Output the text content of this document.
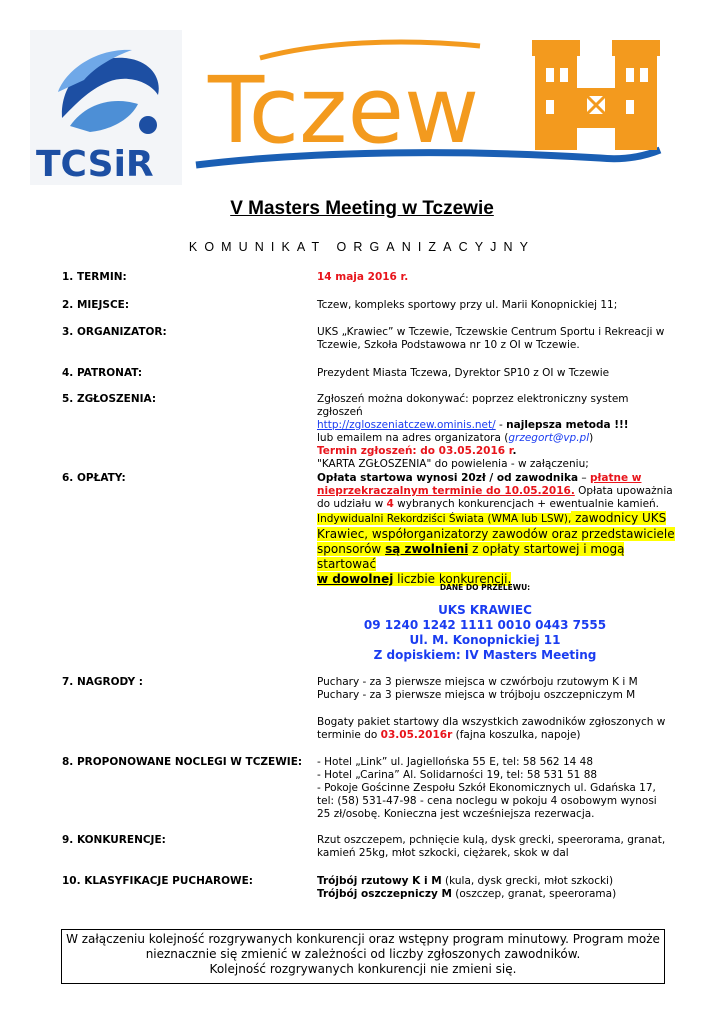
TCSiR
Tczew
V Masters Meeting w Tczewie
KOMUNIKAT ORGANIZACYJNY
1. TERMIN:	14 maja 2016 r.
2. MIEJSCE:	Tczew, kompleks sportowy przy ul. Marii Konopnickiej 11;
3. ORGANIZATOR:	UKS „Krawiec” w Tczewie, Tczewskie Centrum Sportu i Rekreacji w
Tczewie, Szkoła Podstawowa nr 10 z OI w Tczewie.
4. PATRONAT:	Prezydent Miasta Tczewa, Dyrektor SP10 z OI w Tczewie
5. ZGŁOSZENIA:	Zgłoszeń można dokonywać: poprzez elektroniczny system zgłoszeń
http://zgloszeniatczew.ominis.net/ - najlepsza metoda !!!
lub emailem na adres organizatora (grzegort@vp.pl)
Termin zgłoszeń: do 03.05.2016 r.
"KARTA ZGŁOSZENIA" do powielenia - w załączeniu;
6. OPŁATY:	Opłata startowa wynosi 20zł / od zawodnika – płatne w
nieprzekraczalnym terminie do 10.05.2016. Opłata upoważnia
do udziału w 4 wybranych konkurencjach + ewentualnie kamień.
Indywidualni Rekordziści Świata (WMA lub LSW), zawodnicy UKS
Krawiec, współorganizatorzy zawodów oraz przedstawiciele
sponsorów są zwolnieni z opłaty startowej i mogą startować
w dowolnej liczbie konkurencji.
DANE DO PRZELEWU:
UKS KRAWIEC
09 1240 1242 1111 0010 0443 7555
Ul. M. Konopnickiej 11
Z dopiskiem: IV Masters Meeting
7. NAGRODY :	Puchary - za 3 pierwsze miejsca w czwórboju rzutowym K i M
Puchary - za 3 pierwsze miejsca w trójboju oszczepniczym M
Bogaty pakiet startowy dla wszystkich zawodników zgłoszonych w
terminie do 03.05.2016r (fajna koszulka, napoje)
8. PROPONOWANE NOCLEGI W TCZEWIE: - Hotel „Link” ul. Jagiellońska 55 E, tel: 58 562 14 48
- Hotel „Carina” Al. Solidarności 19, tel: 58 531 51 88
- Pokoje Gościnne Zespołu Szkół Ekonomicznych ul. Gdańska 17,
tel: (58) 531-47-98 - cena noclegu w pokoju 4 osobowym wynosi
25 zł/osobę. Konieczna jest wcześniejsza rezerwacja.
9. KONKURENCJE:	Rzut oszczepem, pchnięcie kulą, dysk grecki, speerorama, granat,
kamień 25kg, młot szkocki, ciężarek, skok w dal
10. KLASYFIKACJE PUCHAROWE:	Trójbój rzutowy K i M (kula, dysk grecki, młot szkocki)
Trójbój oszczepniczy M (oszczep, granat, speerorama)
W załączeniu kolejność rozgrywanych konkurencji oraz wstępny program minutowy. Program może
nieznacznie się zmienić w zależności od liczby zgłoszonych zawodników.
Kolejność rozgrywanych konkurencji nie zmieni się.
